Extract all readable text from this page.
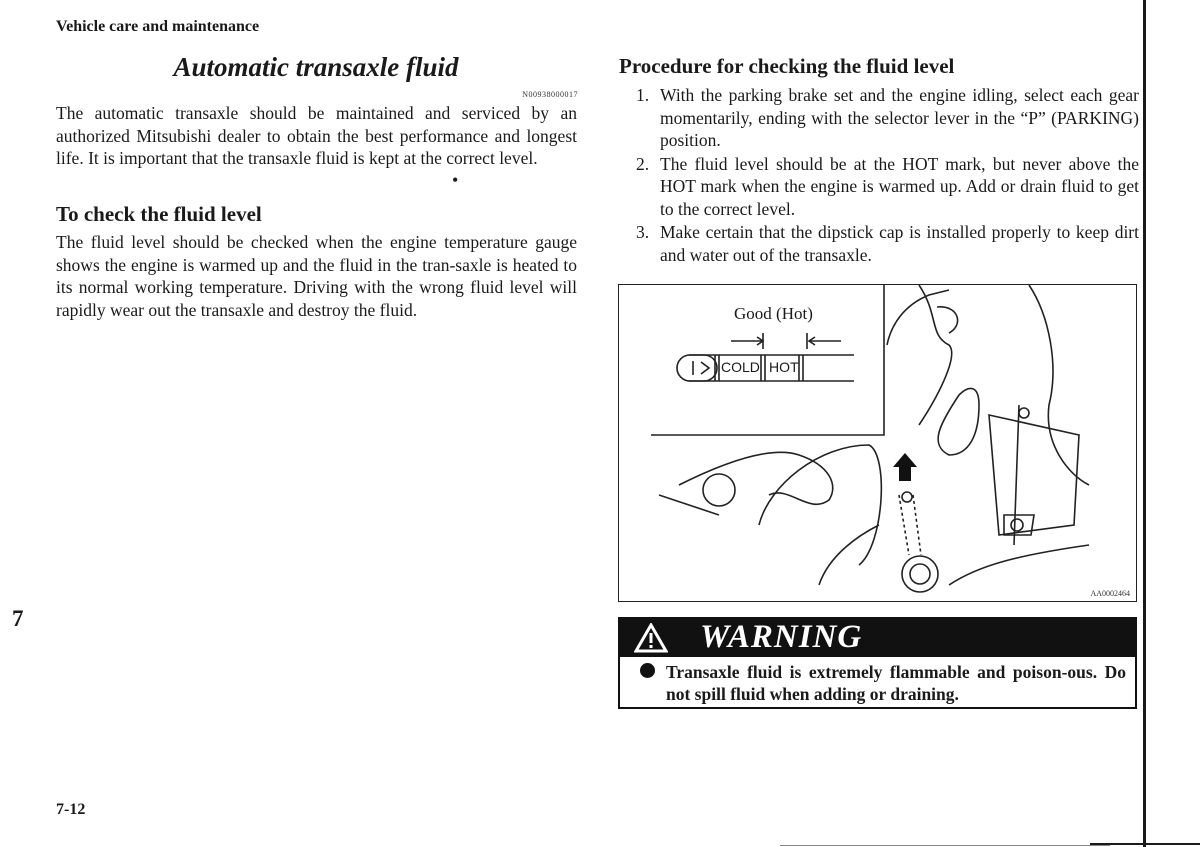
Vehicle care and maintenance
Automatic transaxle fluid
N00938000017
The automatic transaxle should be maintained and serviced by an authorized Mitsubishi dealer to obtain the best performance and longest life. It is important that the transaxle fluid is kept at the correct level.
•
To check the fluid level
The fluid level should be checked when the engine temperature gauge shows the engine is warmed up and the fluid in the tran-saxle is heated to its normal working temperature. Driving with the wrong fluid level will rapidly wear out the transaxle and destroy the fluid.
Procedure for checking the fluid level
1. With the parking brake set and the engine idling, select each gear momentarily, ending with the selector lever in the “P” (PARKING) position.
2. The fluid level should be at the HOT mark, but never above the HOT mark when the engine is warmed up. Add or drain fluid to get to the correct level.
3. Make certain that the dipstick cap is installed properly to keep dirt and water out of the transaxle.
Good (Hot)
COLD HOT
AA0002464
WARNING
Transaxle fluid is extremely flammable and poison-ous. Do not spill fluid when adding or draining.
7
7-12
